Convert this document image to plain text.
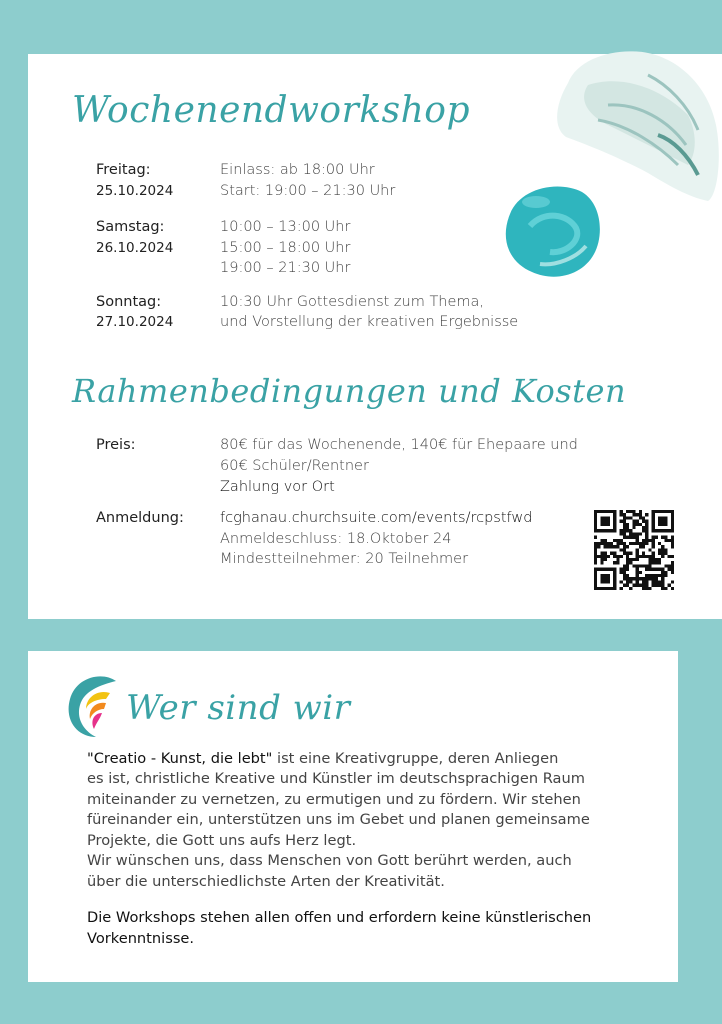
Wochenendworkshop
Freitag:
25.10.2024
Einlass: ab 18:00 Uhr
Start: 19:00 – 21:30 Uhr
Samstag:
26.10.2024
10:00 – 13:00 Uhr
15:00 – 18:00 Uhr
19:00 – 21:30 Uhr
Sonntag:
27.10.2024
10:30 Uhr Gottesdienst zum Thema,
und Vorstellung der kreativen Ergebnisse
Rahmenbedingungen und Kosten
Preis:	80€ für das Wochenende, 140€ für Ehepaare und
60€ Schüler/Rentner
Zahlung vor Ort
Anmeldung: fcghanau.churchsuite.com/events/rcpstfwd
Anmeldeschluss: 18.Oktober 24
Mindestteilnehmer: 20 Teilnehmer
Wer sind wir
"Creatio - Kunst, die lebt" ist eine Kreativgruppe, deren Anliegen
es ist, christliche Kreative und Künstler im deutschsprachigen Raum
miteinander zu vernetzen, zu ermutigen und zu fördern. Wir stehen
füreinander ein, unterstützen uns im Gebet und planen gemeinsame
Projekte, die Gott uns aufs Herz legt.
Wir wünschen uns, dass Menschen von Gott berührt werden, auch
über die unterschiedlichste Arten der Kreativität.
Die Workshops stehen allen offen und erfordern keine künstlerischen
Vorkenntnisse.
